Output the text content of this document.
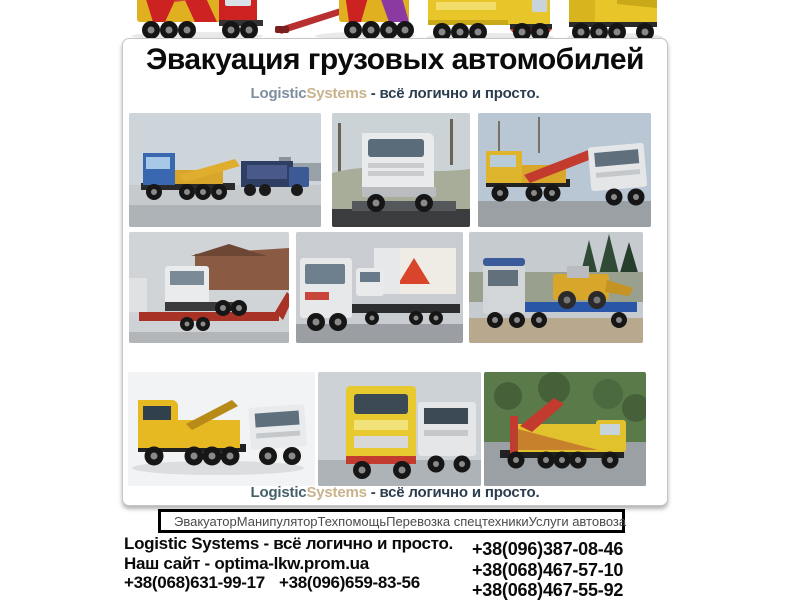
Эвакуация грузовых автомобилей
LogisticSystems - всё логично и просто.
LogisticSystems - всё логично и просто.
Эвакуатор Манипулятор Техпомощь Перевозка спецтехники Услуги автовоза
Logistic Systems - всё логично и просто.
Наш сайт - optima-lkw.prom.ua
+38(068)631-99-17 +38(096)659-83-56
+38(096)387-08-46
+38(068)467-57-10
+38(068)467-55-92
